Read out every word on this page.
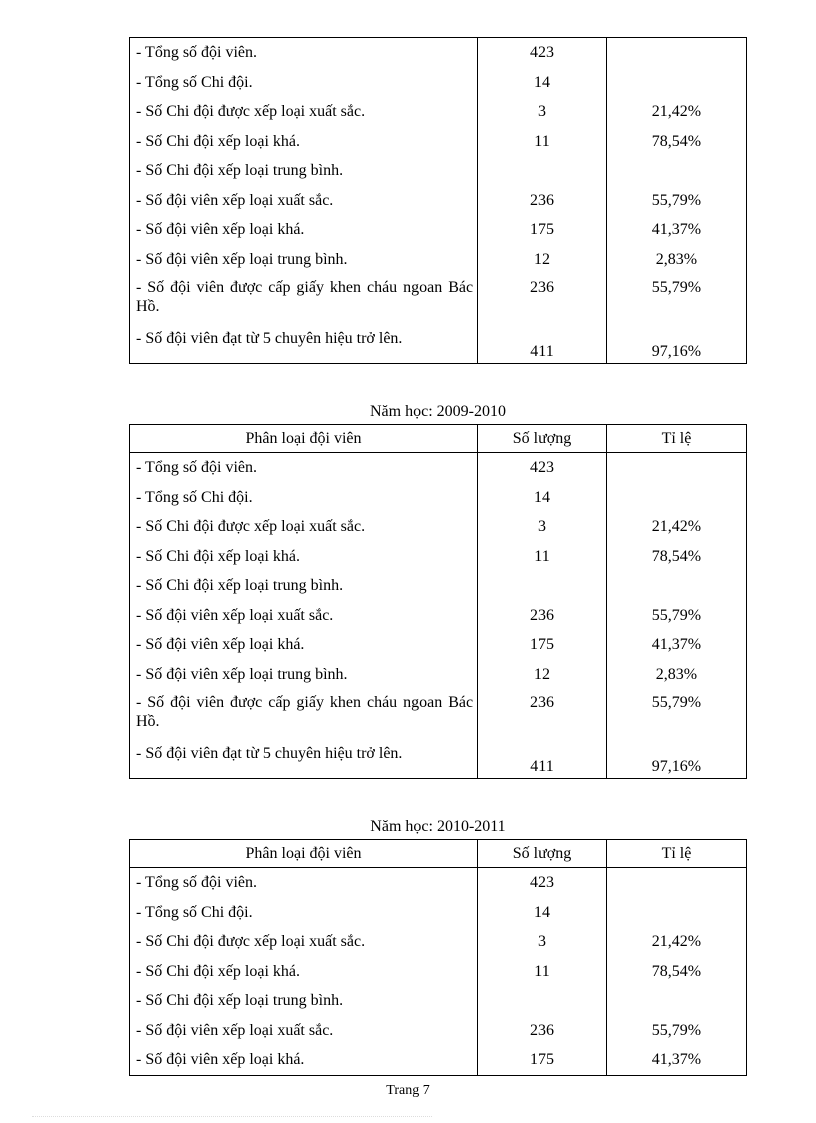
- Tổng số đội viên.	423	
- Tổng số Chi đội.	14	
- Số Chi đội được xếp loại xuất sắc.	3	21,42%
- Số Chi đội xếp loại khá.	11	78,54%
- Số Chi đội xếp loại trung bình.		
- Số đội viên xếp loại xuất sắc.	236	55,79%
- Số đội viên xếp loại khá.	175	41,37%
- Số đội viên xếp loại trung bình.	12	2,83%
- Số đội viên được cấp giấy khen cháu ngoan Bác Hồ.	236	55,79%
- Số đội viên đạt từ 5 chuyên hiệu trở lên.	411	97,16%
Năm học: 2009-2010
Phân loại đội viên	Số lượng	Tỉ lệ
- Tổng số đội viên.	423	
- Tổng số Chi đội.	14	
- Số Chi đội được xếp loại xuất sắc.	3	21,42%
- Số Chi đội xếp loại khá.	11	78,54%
- Số Chi đội xếp loại trung bình.		
- Số đội viên xếp loại xuất sắc.	236	55,79%
- Số đội viên xếp loại khá.	175	41,37%
- Số đội viên xếp loại trung bình.	12	2,83%
- Số đội viên được cấp giấy khen cháu ngoan Bác Hồ.	236	55,79%
- Số đội viên đạt từ 5 chuyên hiệu trở lên.	411	97,16%
Năm học: 2010-2011
Phân loại đội viên	Số lượng	Tỉ lệ
- Tổng số đội viên.	423	
- Tổng số Chi đội.	14	
- Số Chi đội được xếp loại xuất sắc.	3	21,42%
- Số Chi đội xếp loại khá.	11	78,54%
- Số Chi đội xếp loại trung bình.		
- Số đội viên xếp loại xuất sắc.	236	55,79%
- Số đội viên xếp loại khá.	175	41,37%
Trang 7
